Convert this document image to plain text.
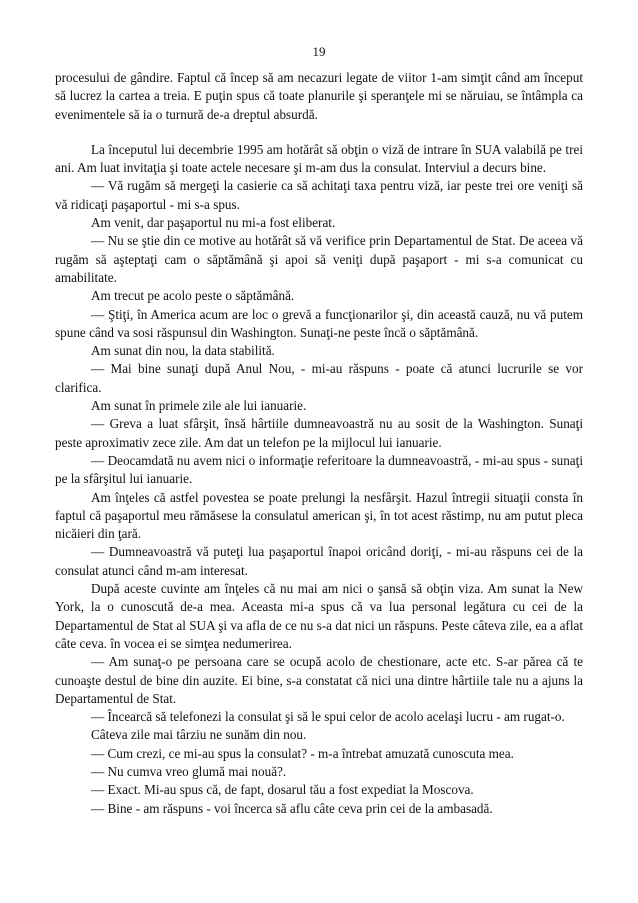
19

procesului de gândire. Faptul că încep să am necazuri legate de viitor 1-am simţit când am început să lucrez la cartea a treia. E puţin spus că toate planurile şi speranţele mi se năruiau, se întâmpla ca evenimentele să ia o turnură de-a dreptul absurdă.

La începutul lui decembrie 1995 am hotărât să obţin o viză de intrare în SUA valabilă pe trei ani. Am luat invitaţia şi toate actele necesare şi m-am dus la consulat. Interviul a decurs bine.

— Vă rugăm să mergeţi la casierie ca să achitaţi taxa pentru viză, iar peste trei ore veniţi să vă ridicaţi paşaportul - mi s-a spus.

Am venit, dar paşaportul nu mi-a fost eliberat.

— Nu se ştie din ce motive au hotărât să vă verifice prin Departamentul de Stat. De aceea vă rugăm să aşteptaţi cam o săptămână şi apoi să veniţi după paşaport - mi s-a comunicat cu amabilitate.

Am trecut pe acolo peste o săptămână.

— Ştiţi, în America acum are loc o grevă a funcţionarilor şi, din această cauză, nu vă putem spune când va sosi răspunsul din Washington. Sunaţi-ne peste încă o săptămână.

Am sunat din nou, la data stabilită.

— Mai bine sunaţi după Anul Nou, - mi-au răspuns - poate că atunci lucrurile se vor clarifica.

Am sunat în primele zile ale lui ianuarie.

— Greva a luat sfârşit, însă hârtiile dumneavoastră nu au sosit de la Washington. Sunaţi peste aproximativ zece zile. Am dat un telefon pe la mijlocul lui ianuarie.

— Deocamdată nu avem nici o informaţie referitoare la dumneavoastră, - mi-au spus - sunaţi pe la sfârşitul lui ianuarie.

Am înţeles că astfel povestea se poate prelungi la nesfârşit. Hazul întregii situaţii consta în faptul că paşaportul meu rămăsese la consulatul american şi, în tot acest răstimp, nu am putut pleca nicăieri din ţară.

— Dumneavoastră vă puteţi lua paşaportul înapoi oricând doriţi, - mi-au răspuns cei de la consulat atunci când m-am interesat.

După aceste cuvinte am înţeles că nu mai am nici o şansă să obţin viza. Am sunat la New York, la o cunoscută de-a mea. Aceasta mi-a spus că va lua personal legătura cu cei de la Departamentul de Stat al SUA şi va afla de ce nu s-a dat nici un răspuns. Peste câteva zile, ea a aflat câte ceva. în vocea ei se simţea nedumerirea.

— Am sunaţ-o pe persoana care se ocupă acolo de chestionare, acte etc. S-ar părea că te cunoaşte destul de bine din auzite. Ei bine, s-a constatat că nici una dintre hârtiile tale nu a ajuns la Departamentul de Stat.

— Încearcă să telefonezi la consulat şi să le spui celor de acolo acelaşi lucru - am rugat-o.

Câteva zile mai târziu ne sunăm din nou.

— Cum crezi, ce mi-au spus la consulat? - m-a întrebat amuzată cunoscuta mea.

— Nu cumva vreo glumă mai nouă?.

— Exact. Mi-au spus că, de fapt, dosarul tău a fost expediat la Moscova.

— Bine - am răspuns - voi încerca să aflu câte ceva prin cei de la ambasadă.
